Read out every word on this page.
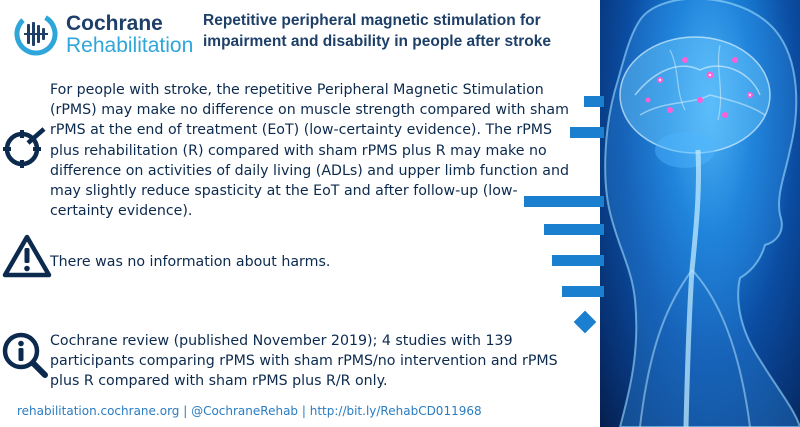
Cochrane
Rehabilitation
Repetitive peripheral magnetic stimulation for impairment and disability in people after stroke
For people with stroke, the repetitive Peripheral Magnetic Stimulation (rPMS) may make no difference on muscle strength compared with sham rPMS at the end of treatment (EoT) (low-certainty evidence). The rPMS plus rehabilitation (R) compared with sham rPMS plus R may make no difference on activities of daily living (ADLs) and upper limb function and may slightly reduce spasticity at the EoT and after follow-up (low-certainty evidence).
There was no information about harms.
Cochrane review (published November 2019); 4 studies with 139 participants comparing rPMS with sham rPMS/no intervention and rPMS plus R compared with sham rPMS plus R/R only.
rehabilitation.cochrane.org | @CochraneRehab | http://bit.ly/RehabCD011968
